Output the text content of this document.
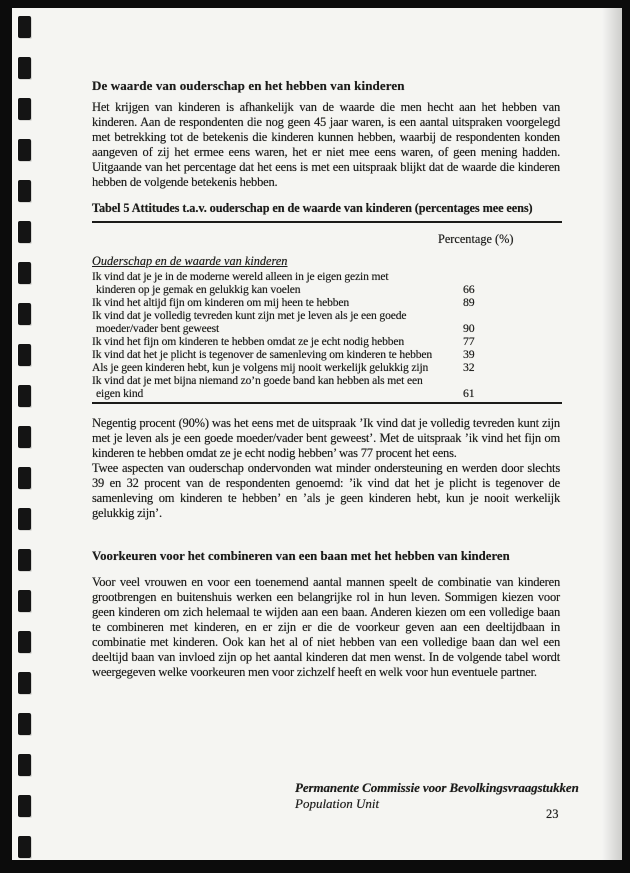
De waarde van ouderschap en het hebben van kinderen
Het krijgen van kinderen is afhankelijk van de waarde die men hecht aan het hebben van kinderen. Aan de respondenten die nog geen 45 jaar waren, is een aantal uitspraken voorgelegd met betrekking tot de betekenis die kinderen kunnen hebben, waarbij de respondenten konden aangeven of zij het ermee eens waren, het er niet mee eens waren, of geen mening hadden. Uitgaande van het percentage dat het eens is met een uitspraak blijkt dat de waarde die kinderen hebben de volgende betekenis hebben.
Tabel 5 Attitudes t.a.v. ouderschap en de waarde van kinderen (percentages mee eens)
Percentage (%)
Ouderschap en de waarde van kinderen
Ik vind dat je je in de moderne wereld alleen in je eigen gezin met
kinderen op je gemak en gelukkig kan voelen	66
Ik vind het altijd fijn om kinderen om mij heen te hebben	89
Ik vind dat je volledig tevreden kunt zijn met je leven als je een goede
moeder/vader bent geweest	90
Ik vind het fijn om kinderen te hebben omdat ze je echt nodig hebben	77
Ik vind dat het je plicht is tegenover de samenleving om kinderen te hebben	39
Als je geen kinderen hebt, kun je volgens mij nooit werkelijk gelukkig zijn	32
Ik vind dat je met bijna niemand zo’n goede band kan hebben als met een
eigen kind	61

Negentig procent (90%) was het eens met de uitspraak ’Ik vind dat je volledig tevreden kunt zijn met je leven als je een goede moeder/vader bent geweest’. Met de uitspraak ’ik vind het fijn om kinderen te hebben omdat ze je echt nodig hebben’ was 77 procent het eens.

Twee aspecten van ouderschap ondervonden wat minder ondersteuning en werden door slechts 39 en 32 procent van de respondenten genoemd: ’ik vind dat het je plicht is tegenover de samenleving om kinderen te hebben’ en ’als je geen kinderen hebt, kun je nooit werkelijk gelukkig zijn’.

Voorkeuren voor het combineren van een baan met het hebben van kinderen
Voor veel vrouwen en voor een toenemend aantal mannen speelt de combinatie van kinderen grootbrengen en buitenshuis werken een belangrijke rol in hun leven. Sommigen kiezen voor geen kinderen om zich helemaal te wijden aan een baan. Anderen kiezen om een volledige baan te combineren met kinderen, en er zijn er die de voorkeur geven aan een deeltijdbaan in combinatie met kinderen. Ook kan het al of niet hebben van een volledige baan dan wel een deeltijd baan van invloed zijn op het aantal kinderen dat men wenst. In de volgende tabel wordt weergegeven welke voorkeuren men voor zichzelf heeft en welk voor hun eventuele partner.
Permanente Commissie voor Bevolkingsvraagstukken
Population Unit
23
